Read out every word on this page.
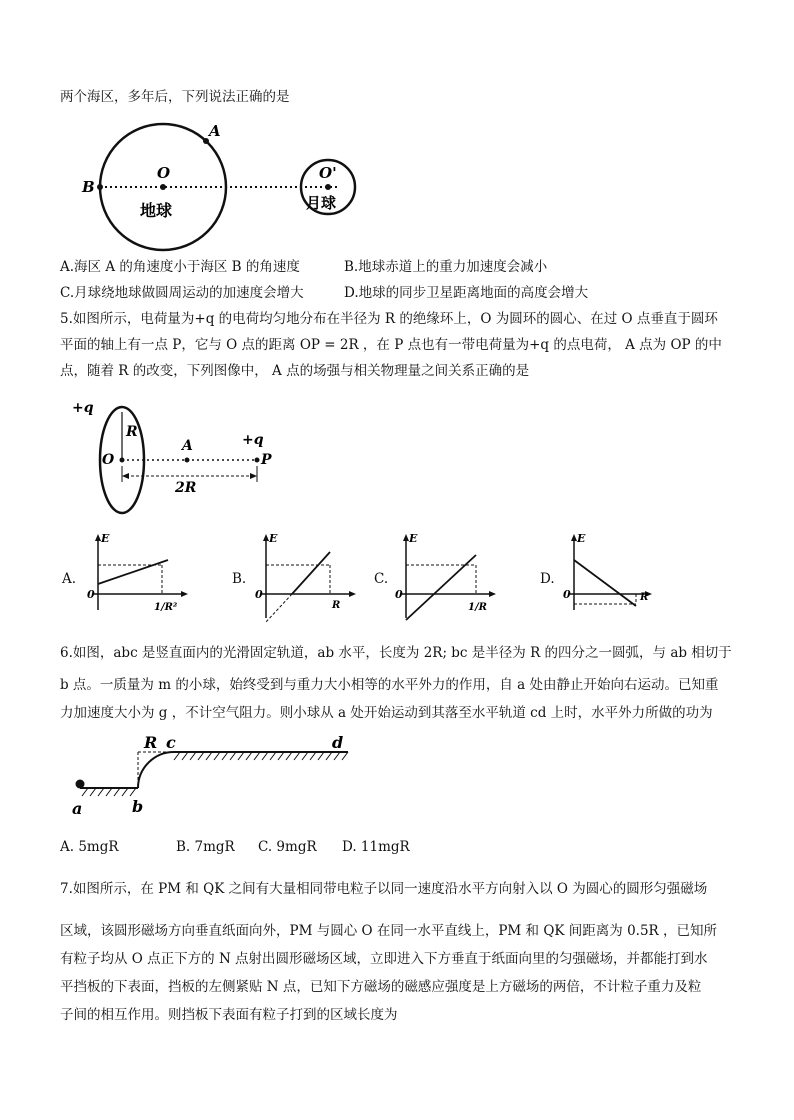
两个海区，多年后，下列说法正确的是
A
B
O	O'
地球	月球
A.海区 A 的角速度小于海区 B 的角速度	B.地球赤道上的重力加速度会减小
C.月球绕地球做圆周运动的加速度会增大	D.地球的同步卫星距离地面的高度会增大
5.如图所示，电荷量为+q 的电荷均匀地分布在半径为 R 的绝缘环上，O 为圆环的圆心、在过 O 点垂直于圆环
平面的轴上有一点 P，它与 O 点的距离 OP = 2R ，在 P 点也有一带电荷量为+q 的点电荷， A 点为 OP 的中
点，随着 R 的改变，下列图像中， A 点的场强与相关物理量之间关系正确的是
+q
R
O
A	+q
2R
P
A.
E
0
1/R²
B.
E
0
R
C.
E
0
1/R
D.
E
0	R
6.如图，abc 是竖直面内的光滑固定轨道，ab 水平，长度为 2R; bc 是半径为 R 的四分之一圆弧，与 ab 相切于
b 点。一质量为 m 的小球，始终受到与重力大小相等的水平外力的作用，自 a 处由静止开始向右运动。已知重
力加速度大小为 g ，不计空气阻力。则小球从 a 处开始运动到其落至水平轨道 cd 上时，水平外力所做的功为
a	b
R c	d
A. 5mgR	B. 7mgR C. 9mgR D. 11mgR
7.如图所示，在 PM 和 QK 之间有大量相同带电粒子以同一速度沿水平方向射入以 O 为圆心的圆形匀强磁场
区域，该圆形磁场方向垂直纸面向外，PM 与圆心 O 在同一水平直线上，PM 和 QK 间距离为 0.5R ，已知所
有粒子均从 O 点正下方的 N 点射出圆形磁场区域，立即进入下方垂直于纸面向里的匀强磁场，并都能打到水
平挡板的下表面，挡板的左侧紧贴 N 点，已知下方磁场的磁感应强度是上方磁场的两倍，不计粒子重力及粒
子间的相互作用。则挡板下表面有粒子打到的区域长度为
